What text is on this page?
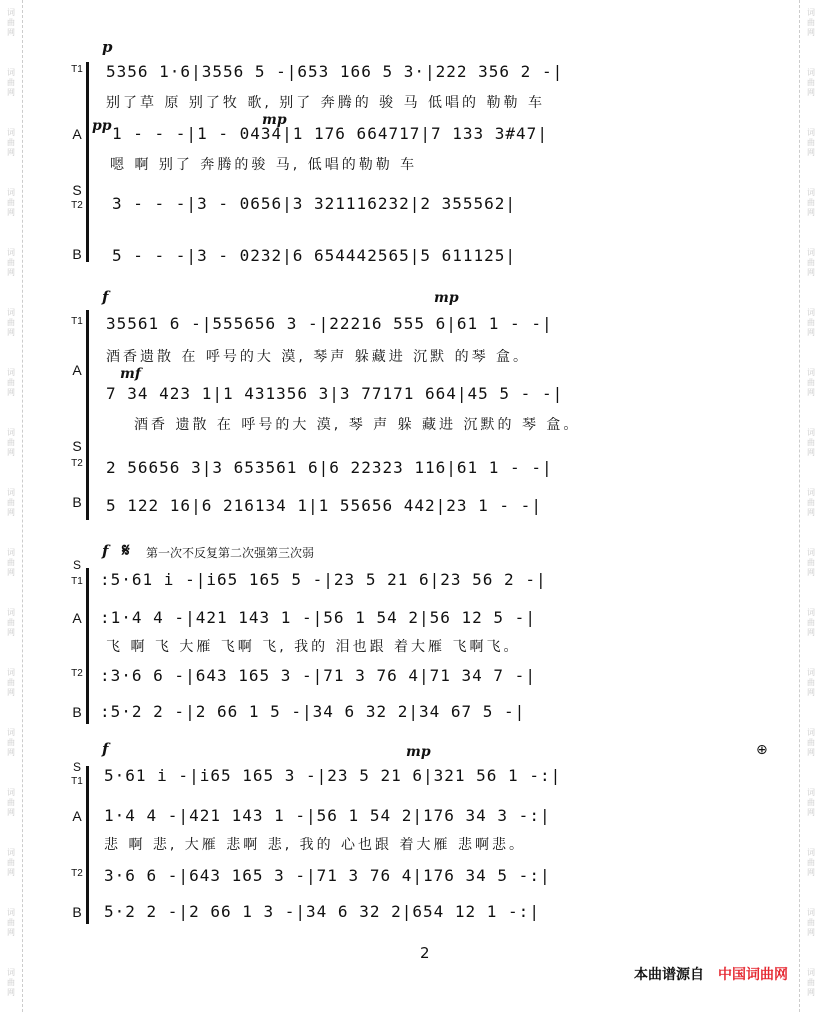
词
曲
网
词
曲
网
词
曲
网
词
曲
网
词
曲
网
词
曲
网
词
曲
网
词
曲
网
词
曲
网
词
曲
网
词
曲
网
词
曲
网
词
曲
网
词
曲
网
词
曲
网
词
曲
网
词
曲
网
词
曲
网
词
曲
网
词
曲
网
词
曲
网
词
曲
网
词
曲
网
词
曲
网
词
曲
网
词
曲
网
词
曲
网
词
曲
网
词
曲
网
词
曲
网
词
曲
网
词
曲
网
词
曲
网
词
曲
网
p
T1	5356 1·6|3556 5 -|653 166 5 3·|222 356 2 -|
别了草 原 别了牧 歌, 别了 奔腾的 骏 马 低唱的 勒勒 车
A pp	mp
1 - - -|1 - 0434|1 176 664717|7 133 3#47|
嗯 啊 别了 奔腾的骏 马, 低唱的勒勒 车
S
T2	3 - - -|3 - 0656|3 321116232|2 355562|
B	5 - - -|3 - 0232|6 654442565|5 611125|
f	mp
T1	35561 6 -|555656 3 -|22216 555 6|61 1 - -|
酒香遗散 在 呼号的大 漠, 琴声 躲藏进 沉默 的琴 盒。
A	mf
7 34 423 1|1 431356 3|3 77171 664|45 5 - -|
酒香 遗散 在 呼号的大 漠, 琴 声 躲 藏进 沉默的 琴 盒。
S
T2	2 56656 3|3 653561 6|6 22323 116|61 1 - -|
B	5 122 16|6 216134 1|1 55656 442|23 1 - -|
f 𝄋 第一次不反复第二次强第三次弱
S
T1	:5·61 i -|i65 165 5 -|23 5 21 6|23 56 2 -|
A	:1·4 4 -|421 143 1 -|56 1 54 2|56 12 5 -|
飞 啊 飞 大雁 飞啊 飞, 我的 泪也跟 着大雁 飞啊飞。
T2	:3·6 6 -|643 165 3 -|71 3 76 4|71 34 7 -|
B	:5·2 2 -|2 66 1 5 -|34 6 32 2|34 67 5 -|
f	mp	⊕
S
T1	5·61 i -|i65 165 3 -|23 5 21 6|321 56 1 -:|
A	1·4 4 -|421 143 1 -|56 1 54 2|176 34 3 -:|
悲 啊 悲, 大雁 悲啊 悲, 我的 心也跟 着大雁 悲啊悲。
T2	3·6 6 -|643 165 3 -|71 3 76 4|176 34 5 -:|
B	5·2 2 -|2 66 1 3 -|34 6 32 2|654 12 1 -:|
2
本曲谱源自 中国词曲网
